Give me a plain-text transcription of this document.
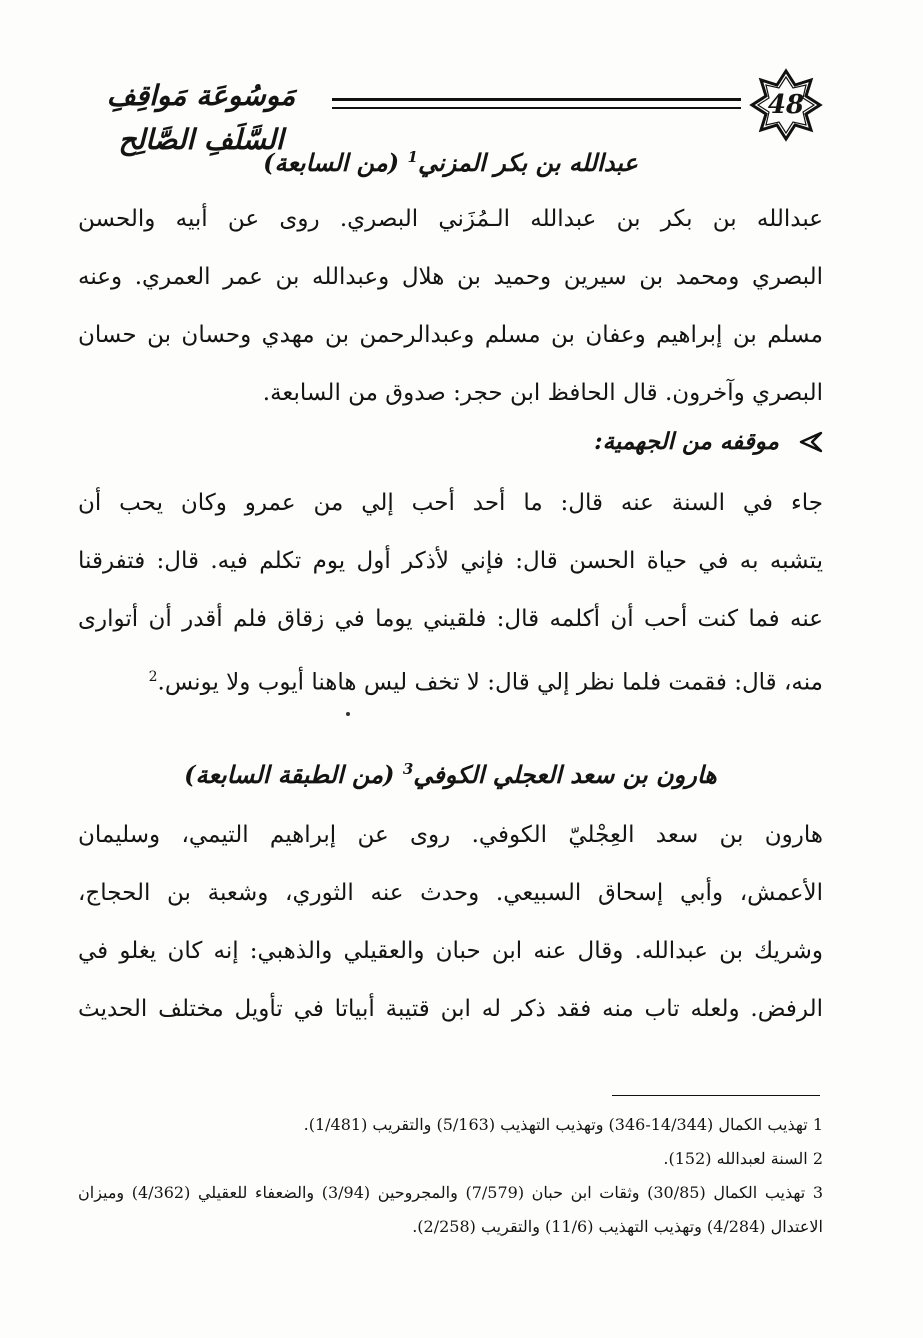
مَوسُوعَة مَواقِفِ السَّلَفِ الصَّالِح
48
عبدالله بن بكر المزني$^1$ (من السابعة)
عبدالله بن بكر بن عبدالله الـمُزَني البصري. روى عن أبيه والحسن
البصري ومحمد بن سيرين وحميد بن هلال وعبدالله بن عمر العمري. وعنه
مسلم بن إبراهيم وعفان بن مسلم وعبدالرحمن بن مهدي وحسان بن حسان
البصري وآخرون. قال الحافظ ابن حجر: صدوق من السابعة.
موقفه من الجهمية:
جاء في السنة عنه قال: ما أحد أحب إلي من عمرو وكان يحب أن
يتشبه به في حياة الحسن قال: فإني لأذكر أول يوم تكلم فيه. قال: فتفرقنا
عنه فما كنت أحب أن أكلمه قال: فلقيني يوما في زقاق فلم أقدر أن أتوارى
منه، قال: فقمت فلما نظر إلي قال: لا تخف ليس هاهنا أيوب ولا يونس.$^2$
هارون بن سعد العجلي الكوفي$^3$ (من الطبقة السابعة)
هارون بن سعد العِجْليّ الكوفي. روى عن إبراهيم التيمي، وسليمان
الأعمش، وأبي إسحاق السبيعي. وحدث عنه الثوري، وشعبة بن الحجاج،
وشريك بن عبدالله. وقال عنه ابن حبان والعقيلي والذهبي: إنه كان يغلو في
الرفض. ولعله تاب منه فقد ذكر له ابن قتيبة أبياتا في تأويل مختلف الحديث
1 تهذيب الكمال (14/344-346) وتهذيب التهذيب (5/163) والتقريب (1/481).
2 السنة لعبدالله (152).
3 تهذيب الكمال (30/85) وثقات ابن حبان (7/579) والمجروحين (3/94) والضعفاء للعقيلي (4/362) وميزان
الاعتدال (4/284) وتهذيب التهذيب (11/6) والتقريب (2/258).
